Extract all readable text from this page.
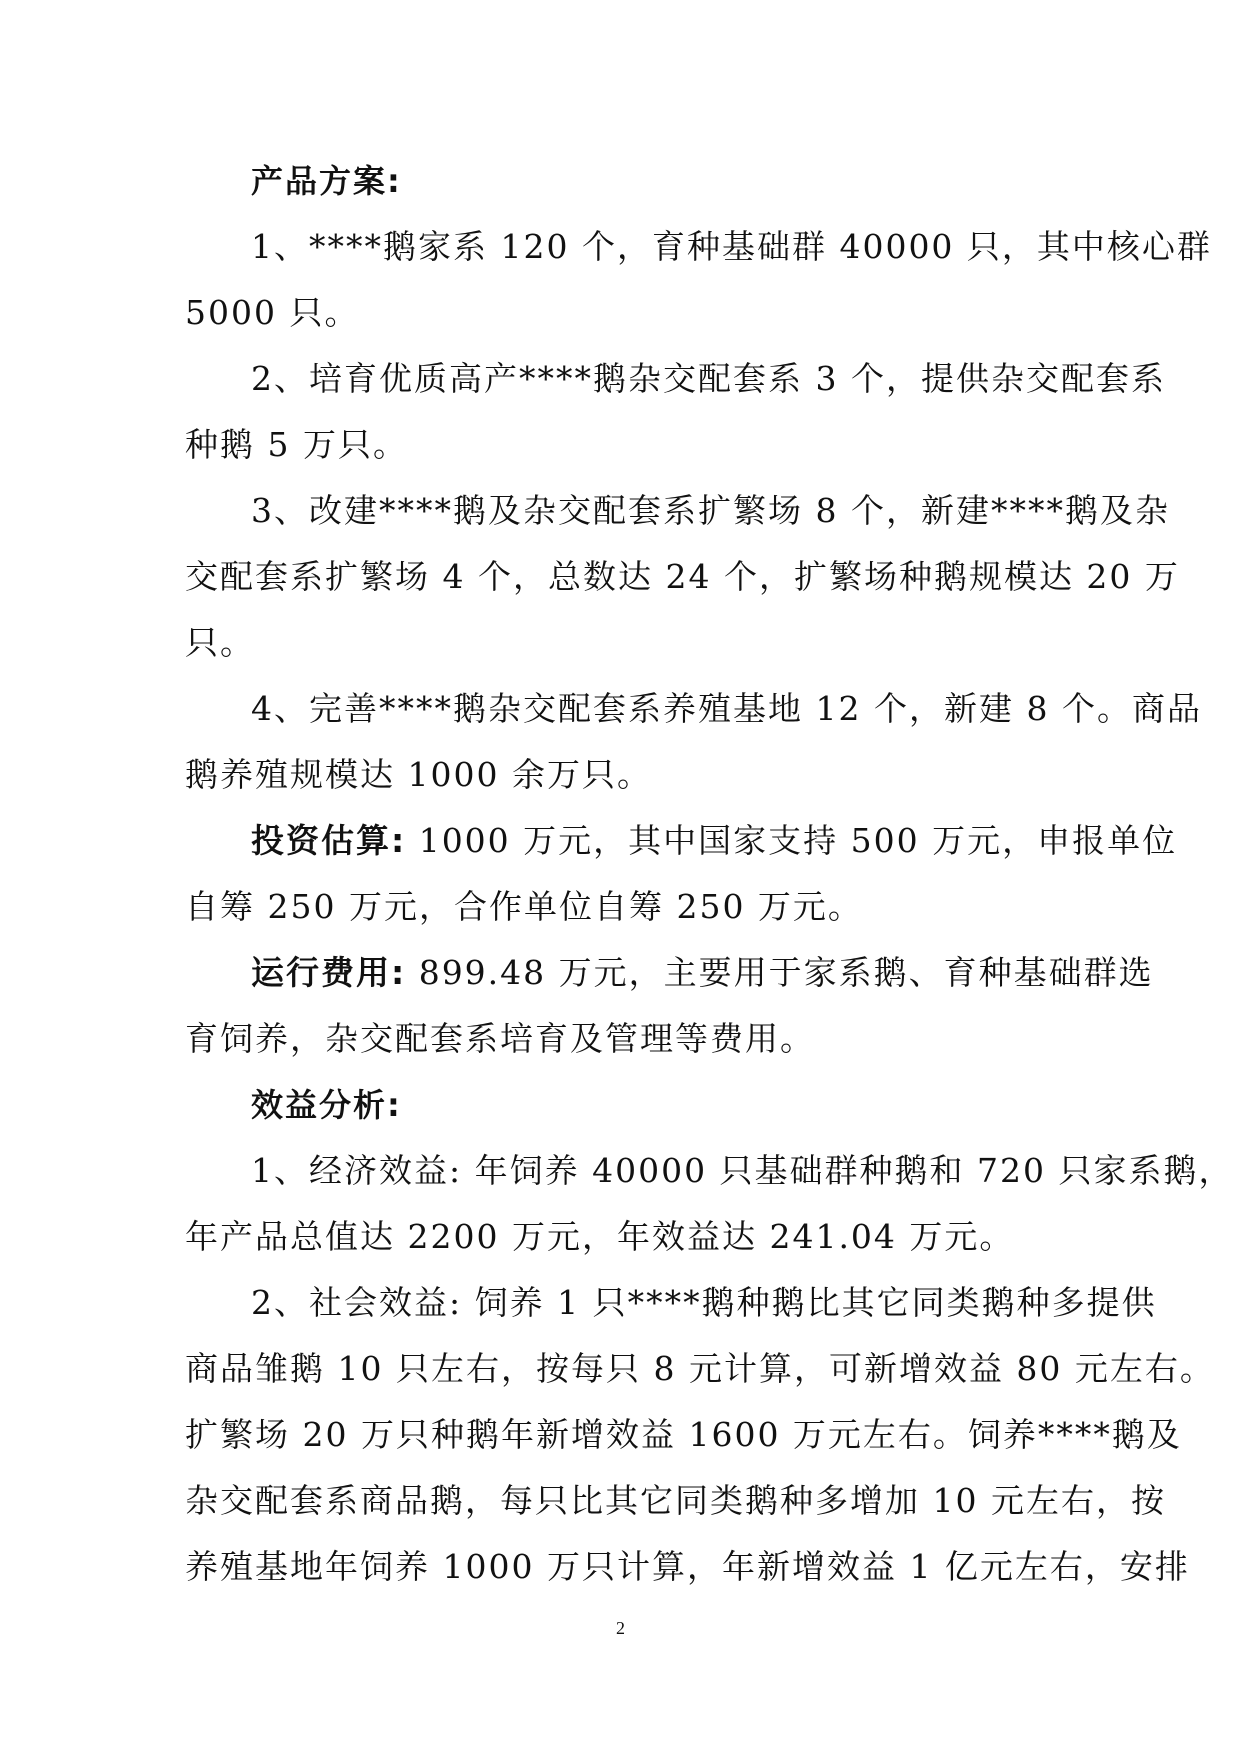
产品方案:
1、****鹅家系 120 个，育种基础群 40000 只，其中核心群
5000 只。
2、培育优质高产****鹅杂交配套系 3 个，提供杂交配套系
种鹅 5 万只。
3、改建****鹅及杂交配套系扩繁场 8 个，新建****鹅及杂
交配套系扩繁场 4 个，总数达 24 个，扩繁场种鹅规模达 20 万
只。
4、完善****鹅杂交配套系养殖基地 12 个，新建 8 个。商品
鹅养殖规模达 1000 余万只。
投资估算: 1000 万元，其中国家支持 500 万元，申报单位
自筹 250 万元，合作单位自筹 250 万元。
运行费用: 899.48 万元，主要用于家系鹅、育种基础群选
育饲养，杂交配套系培育及管理等费用。
效益分析:
1、经济效益: 年饲养 40000 只基础群种鹅和 720 只家系鹅，
年产品总值达 2200 万元，年效益达 241.04 万元。
2、社会效益: 饲养 1 只****鹅种鹅比其它同类鹅种多提供
商品雏鹅 10 只左右，按每只 8 元计算，可新增效益 80 元左右。
扩繁场 20 万只种鹅年新增效益 1600 万元左右。饲养****鹅及
杂交配套系商品鹅，每只比其它同类鹅种多增加 10 元左右，按
养殖基地年饲养 1000 万只计算，年新增效益 1 亿元左右，安排
2
